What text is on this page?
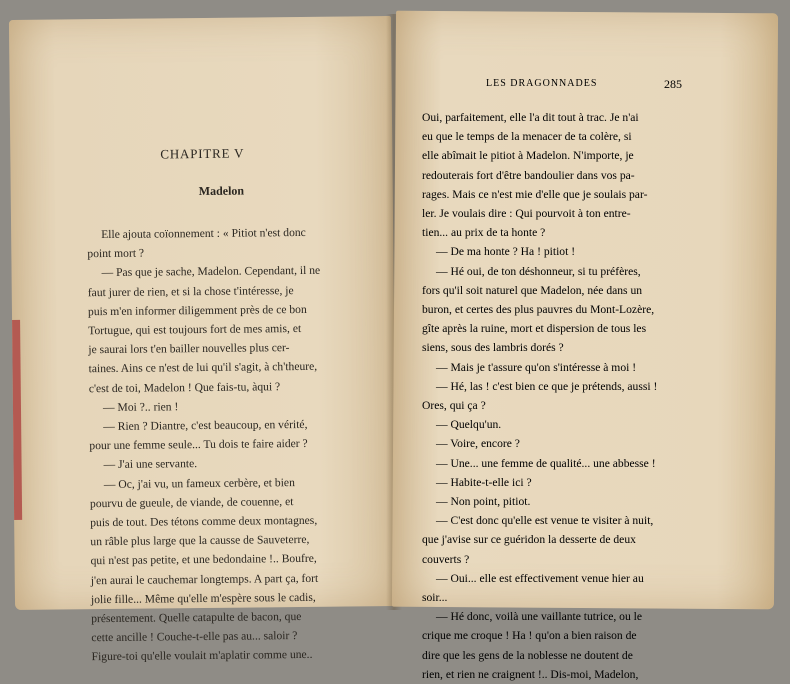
CHAPITRE V
Madelon

Elle ajouta coïonnement : « Pitiot n'est donc

point mort ?

— Pas que je sache, Madelon. Cependant, il ne

faut jurer de rien, et si la chose t'intéresse, je

puis m'en informer diligemment près de ce bon

Tortugue, qui est toujours fort de mes amis, et

je saurai lors t'en bailler nouvelles plus cer-

taines. Ains ce n'est de lui qu'il s'agit, à ch'theure,

c'est de toi, Madelon ! Que fais-tu, àqui ?

— Moi ?.. rien !

— Rien ? Diantre, c'est beaucoup, en vérité,

pour une femme seule... Tu dois te faire aider ?

— J'ai une servante.

— Oc, j'ai vu, un fameux cerbère, et bien

pourvu de gueule, de viande, de couenne, et

puis de tout. Des tétons comme deux montagnes,

un râble plus large que la causse de Sauveterre,

qui n'est pas petite, et une bedondaine !.. Boufre,

j'en aurai le cauchemar longtemps. A part ça, fort

jolie fille... Même qu'elle m'espère sous le cadis,

présentement. Quelle catapulte de bacon, que

cette ancille ! Couche-t-elle pas au... saloir ?

Figure-toi qu'elle voulait m'aplatir comme une..

LES DRAGONNADES	285

Oui, parfaitement, elle l'a dit tout à trac. Je n'ai

eu que le temps de la menacer de ta colère, si

elle abîmait le pitiot à Madelon. N'importe, je

redouterais fort d'être bandoulier dans vos pa-

rages. Mais ce n'est mie d'elle que je soulais par-

ler. Je voulais dire : Qui pourvoit à ton entre-

tien... au prix de ta honte ?

— De ma honte ? Ha ! pitiot !

— Hé oui, de ton déshonneur, si tu préfères,

fors qu'il soit naturel que Madelon, née dans un

buron, et certes des plus pauvres du Mont-Lozère,

gîte après la ruine, mort et dispersion de tous les

siens, sous des lambris dorés ?

— Mais je t'assure qu'on s'intéresse à moi !

— Hé, las ! c'est bien ce que je prétends, aussi !

Ores, qui ça ?

— Quelqu'un.

— Voire, encore ?

— Une... une femme de qualité... une abbesse !

— Habite-t-elle ici ?

— Non point, pitiot.

— C'est donc qu'elle est venue te visiter à nuit,

que j'avise sur ce guéridon la desserte de deux

couverts ?

— Oui... elle est effectivement venue hier au

soir...

— Hé donc, voilà une vaillante tutrice, ou le

crique me croque ! Ha ! qu'on a bien raison de

dire que les gens de la noblesse ne doutent de

rien, et rien ne craignent !.. Dis-moi, Madelon,
